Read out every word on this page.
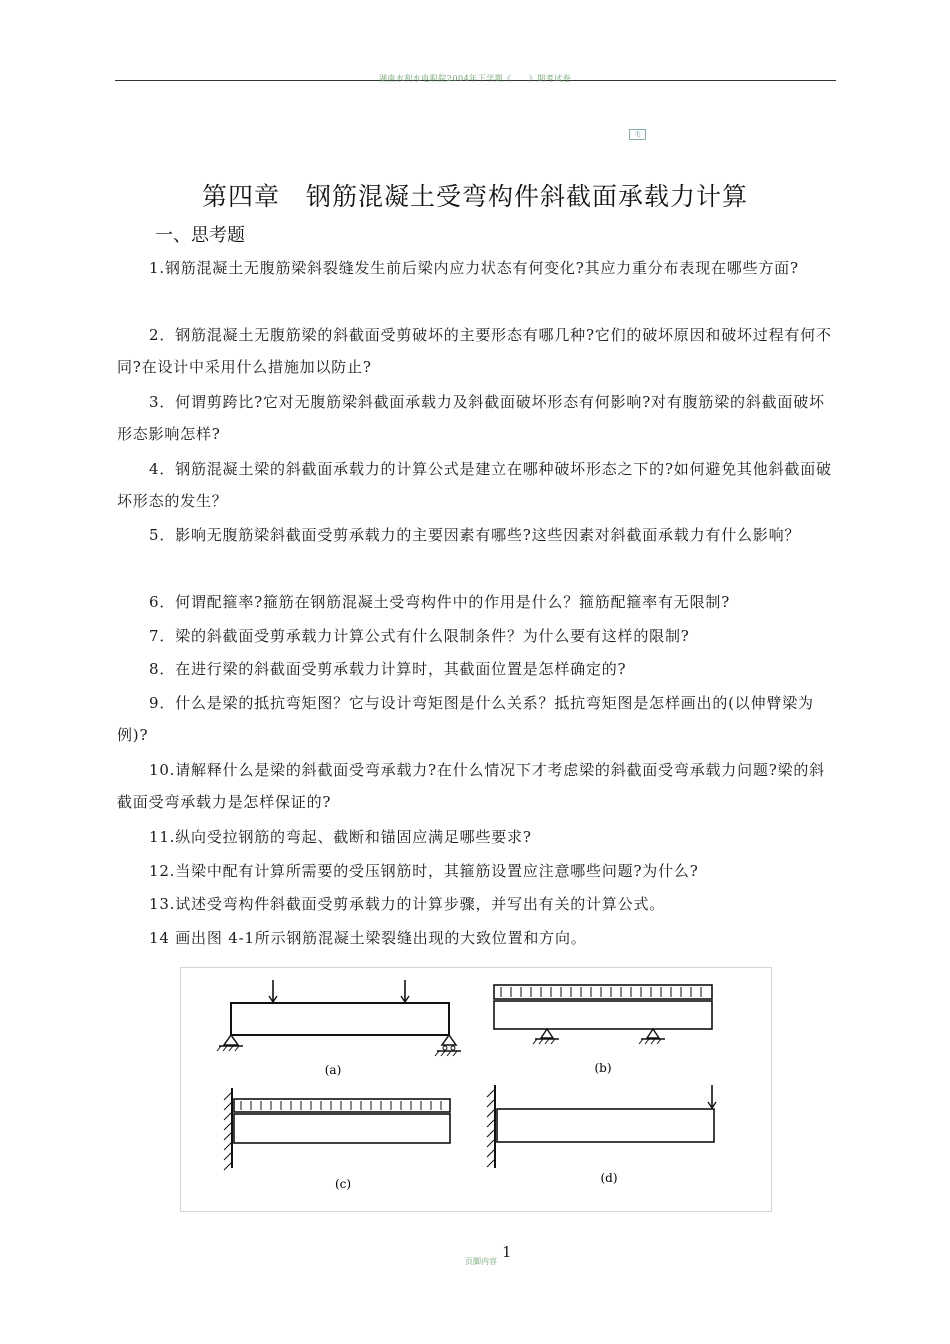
湖南水利水电职院2004年下学期《　　》期考试卷
毛
第四章　钢筋混凝土受弯构件斜截面承载力计算
一、思考题
1.钢筋混凝土无腹筋梁斜裂缝发生前后梁内应力状态有何变化?其应力重分布表现在哪些方面?
2．钢筋混凝土无腹筋梁的斜截面受剪破坏的主要形态有哪几种?它们的破坏原因和破坏过程有何不同?在设计中采用什么措施加以防止?
3．何谓剪跨比?它对无腹筋梁斜截面承载力及斜截面破坏形态有何影响?对有腹筋梁的斜截面破坏形态影响怎样?
4．钢筋混凝土梁的斜截面承载力的计算公式是建立在哪种破坏形态之下的?如何避免其他斜截面破坏形态的发生？
5．影响无腹筋梁斜截面受剪承载力的主要因素有哪些?这些因素对斜截面承载力有什么影响？
6．何谓配箍率?箍筋在钢筋混凝土受弯构件中的作用是什么？箍筋配箍率有无限制?
7．梁的斜截面受剪承载力计算公式有什么限制条件？为什么要有这样的限制?
8．在进行梁的斜截面受剪承载力计算时，其截面位置是怎样确定的?
9．什么是梁的抵抗弯矩图？它与设计弯矩图是什么关系？抵抗弯矩图是怎样画出的(以伸臂梁为例)?
10.请解释什么是梁的斜截面受弯承载力?在什么情况下才考虑梁的斜截面受弯承载力问题?梁的斜截面受弯承载力是怎样保证的?
11.纵向受拉钢筋的弯起、截断和锚固应满足哪些要求?
12.当梁中配有计算所需要的受压钢筋时，其箍筋设置应注意哪些问题?为什么?
13.试述受弯构件斜截面受剪承载力的计算步骤，并写出有关的计算公式。
14 画出图 4-1所示钢筋混凝土梁裂缝出现的大致位置和方向。
(a)	(b)
(c)	(d)
页脚内容
1
